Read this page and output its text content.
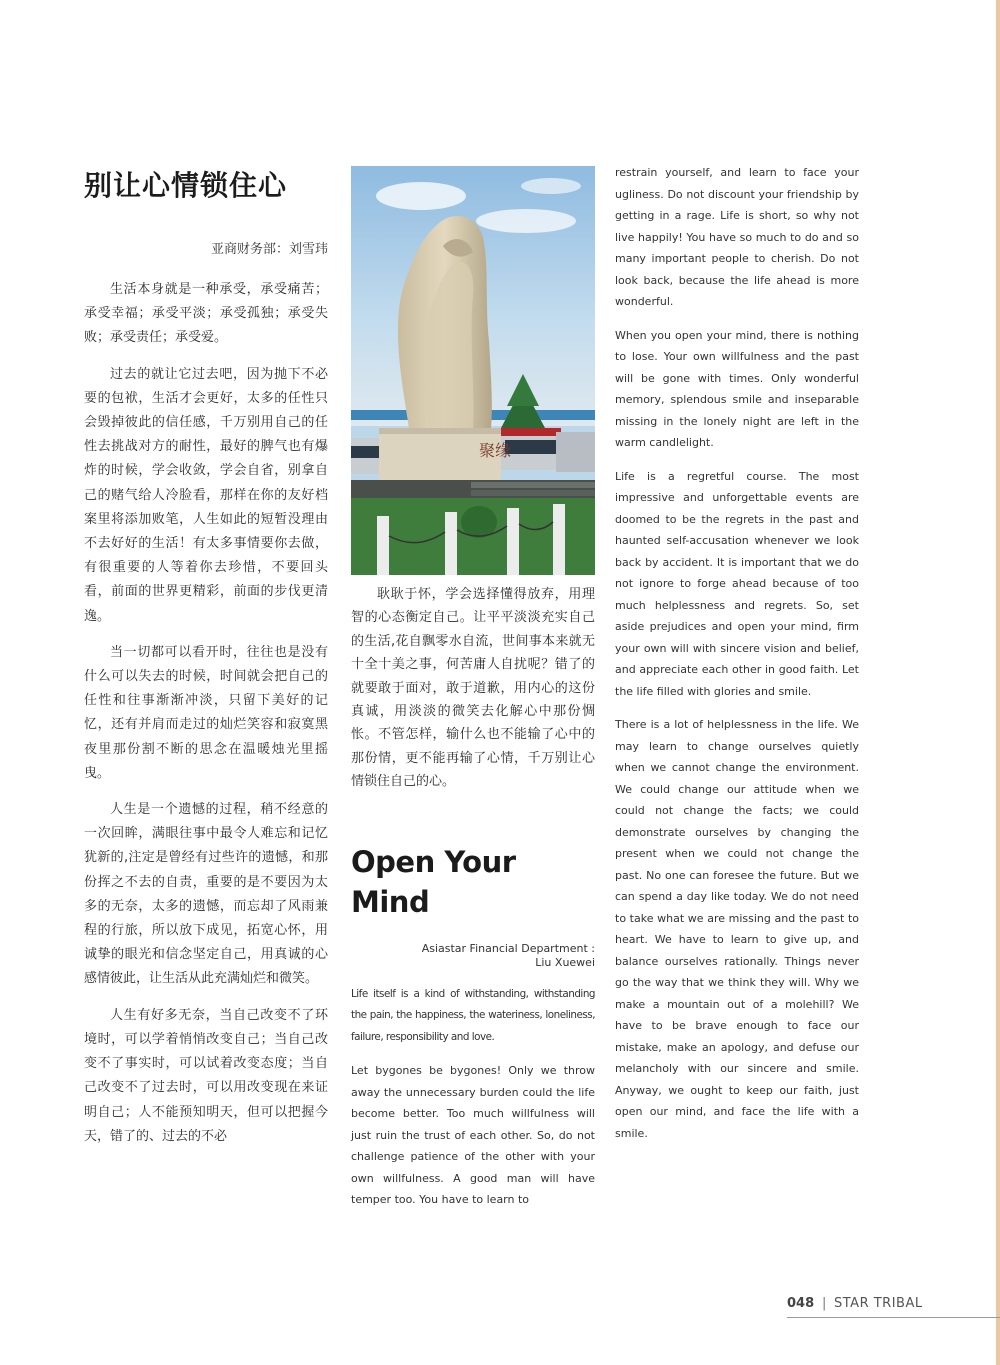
别让心情锁住心
亚商财务部：刘雪玮

生活本身就是一种承受，承受痛苦；承受幸福；承受平淡；承受孤独；承受失败；承受责任；承受爱。

过去的就让它过去吧，因为抛下不必要的包袱，生活才会更好，太多的任性只会毁掉彼此的信任感，千万别用自己的任性去挑战对方的耐性，最好的脾气也有爆炸的时候，学会收敛，学会自省，别拿自己的赌气给人冷脸看，那样在你的友好档案里将添加败笔，人生如此的短暂没理由不去好好的生活！有太多事情要你去做，有很重要的人等着你去珍惜，不要回头看，前面的世界更精彩，前面的步伐更清逸。

当一切都可以看开时，往往也是没有什么可以失去的时候，时间就会把自己的任性和往事渐渐冲淡，只留下美好的记忆，还有并肩而走过的灿烂笑容和寂寞黑夜里那份割不断的思念在温暖烛光里摇曳。

人生是一个遗憾的过程，稍不经意的一次回眸，满眼往事中最令人难忘和记忆犹新的,注定是曾经有过些许的遗憾，和那份挥之不去的自责，重要的是不要因为太多的无奈，太多的遗憾，而忘却了风雨兼程的行旅，所以放下成见，拓宽心怀，用诚挚的眼光和信念坚定自己，用真诚的心感情彼此，让生活从此充满灿烂和微笑。

人生有好多无奈，当自己改变不了环境时，可以学着悄悄改变自己；当自己改变不了事实时，可以试着改变态度；当自己改变不了过去时，可以用改变现在来证明自己；人不能预知明天，但可以把握今天，错了的、过去的不必

聚缘

耿耿于怀，学会选择懂得放弃，用理智的心态衡定自己。让平平淡淡充实自己的生活,花自飘零水自流，世间事本来就无十全十美之事，何苦庸人自扰呢？错了的就要敢于面对，敢于道歉，用内心的这份真诚，用淡淡的微笑去化解心中那份惆怅。不管怎样，输什么也不能输了心中的那份情，更不能再输了心情，千万别让心情锁住自己的心。

Open Your Mind
Asiastar Financial Department :
Liu Xuewei

Life itself is a kind of withstanding, withstanding the pain, the happiness, the wateriness, loneliness, failure, responsibility and love.

Let bygones be bygones! Only we throw away the unnecessary burden could the life become better. Too much willfulness will just ruin the trust of each other. So, do not challenge patience of the other with your own willfulness. A good man will have temper too. You have to learn to

restrain yourself, and learn to face your ugliness. Do not discount your friendship by getting in a rage. Life is short, so why not live happily! You have so much to do and so many important people to cherish. Do not look back, because the life ahead is more wonderful.

When you open your mind, there is nothing to lose. Your own willfulness and the past will be gone with times. Only wonderful memory, splendous smile and inseparable missing in the lonely night are left in the warm candlelight.

Life is a regretful course. The most impressive and unforgettable events are doomed to be the regrets in the past and haunted self-accusation whenever we look back by accident. It is important that we do not ignore to forge ahead because of too much helplessness and regrets. So, set aside prejudices and open your mind, firm your own will with sincere vision and belief, and appreciate each other in good faith. Let the life filled with glories and smile.

There is a lot of helplessness in the life. We may learn to change ourselves quietly when we cannot change the environment. We could change our attitude when we could not change the facts; we could demonstrate ourselves by changing the present when we could not change the past. No one can foresee the future. But we can spend a day like today. We do not need to take what we are missing and the past to heart. We have to learn to give up, and balance ourselves rationally. Things never go the way that we think they will. Why we make a mountain out of a molehill? We have to be brave enough to face our mistake, make an apology, and defuse our melancholy with our sincere and smile. Anyway, we ought to keep our faith, just open our mind, and face the life with a smile.

048 | STAR TRIBAL
